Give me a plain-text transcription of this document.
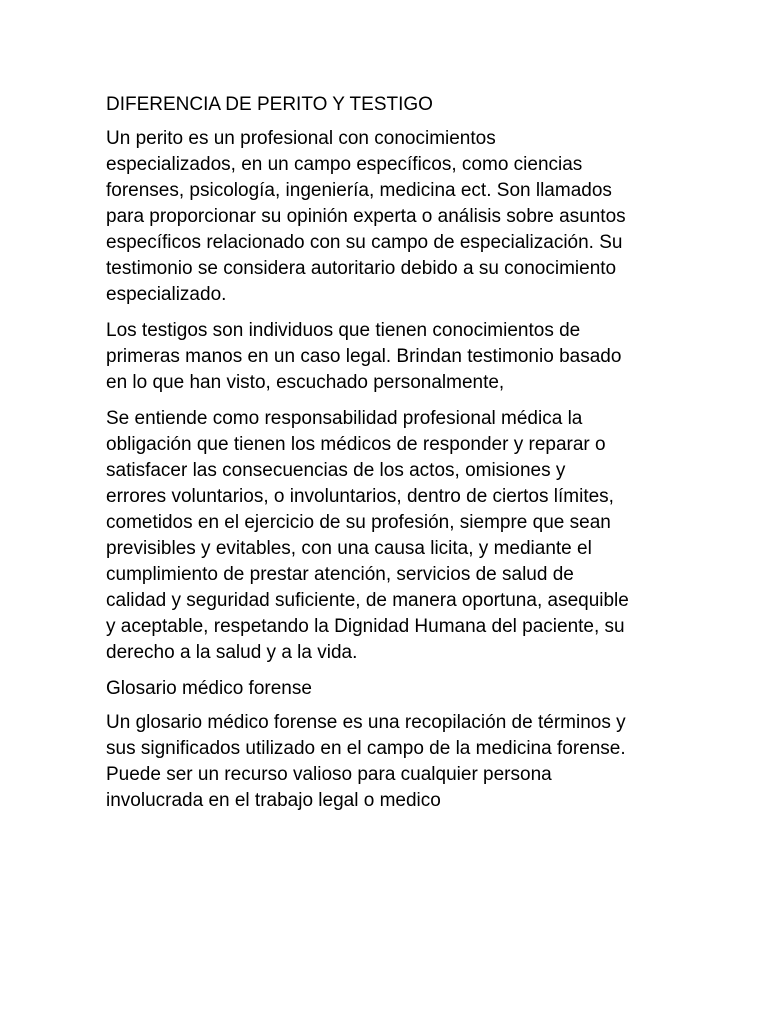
DIFERENCIA DE PERITO Y TESTIGO

Un perito es un profesional con conocimientos
especializados, en un campo específicos, como ciencias
forenses, psicología, ingeniería, medicina ect. Son llamados
para proporcionar su opinión experta o análisis sobre asuntos
específicos relacionado con su campo de especialización. Su
testimonio se considera autoritario debido a su conocimiento
especializado.

Los testigos son individuos que tienen conocimientos de
primeras manos en un caso legal. Brindan testimonio basado
en lo que han visto, escuchado personalmente,

Se entiende como responsabilidad profesional médica la
obligación que tienen los médicos de responder y reparar o
satisfacer las consecuencias de los actos, omisiones y
errores voluntarios, o involuntarios, dentro de ciertos límites,
cometidos en el ejercicio de su profesión, siempre que sean
previsibles y evitables, con una causa licita, y mediante el
cumplimiento de prestar atención, servicios de salud de
calidad y seguridad suficiente, de manera oportuna, asequible
y aceptable, respetando la Dignidad Humana del paciente, su
derecho a la salud y a la vida.

Glosario médico forense

Un glosario médico forense es una recopilación de términos y
sus significados utilizado en el campo de la medicina forense.
Puede ser un recurso valioso para cualquier persona
involucrada en el trabajo legal o medico
